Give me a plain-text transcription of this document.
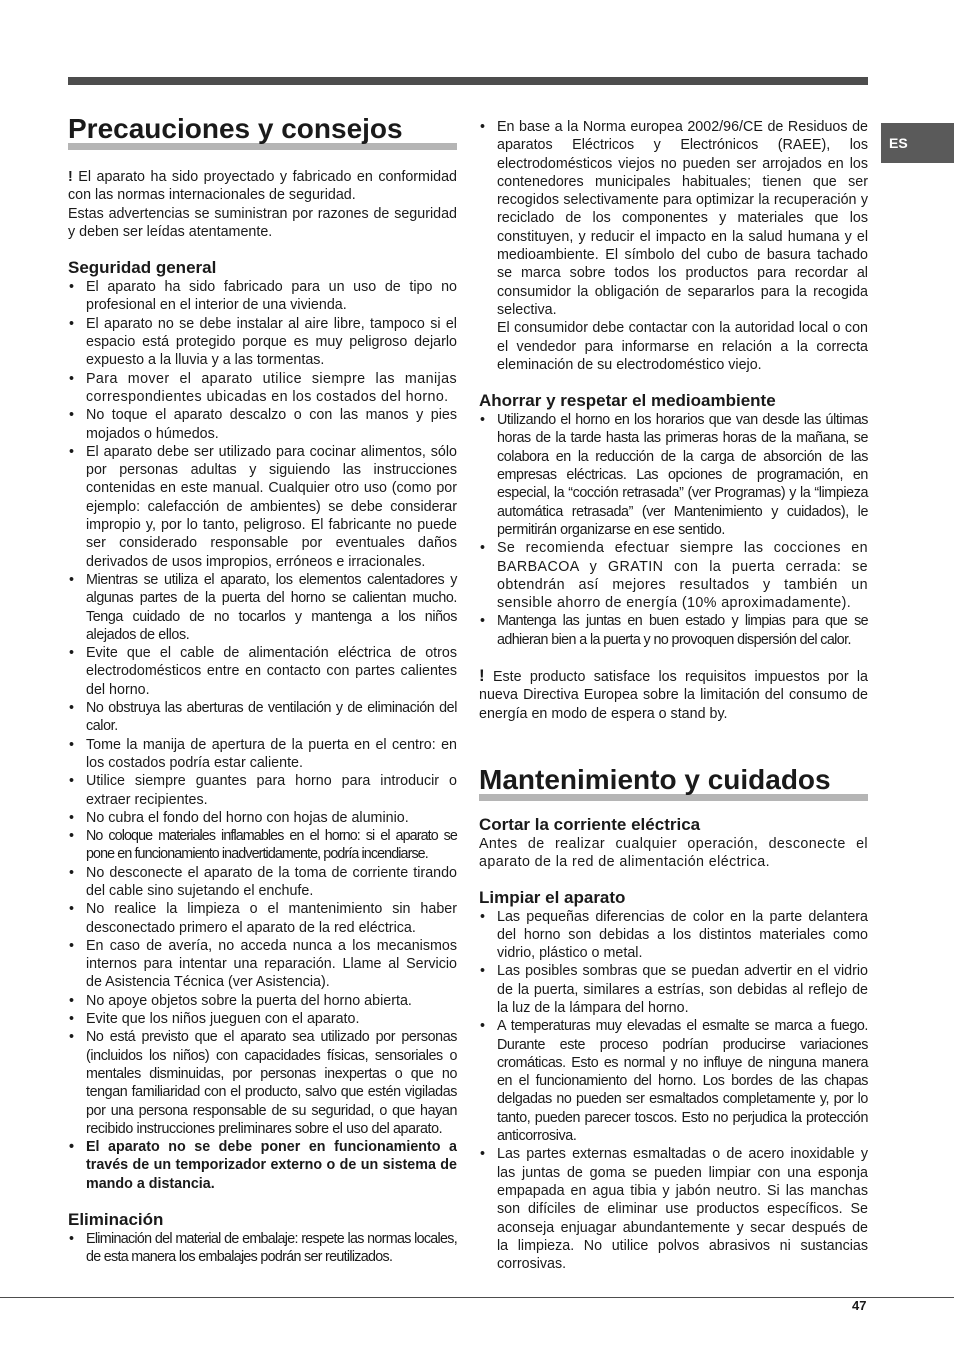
ES
Precauciones y consejos

! El aparato ha sido proyectado y fabricado en conformidad con las normas internacionales de seguridad.

Estas advertencias se suministran por razones de seguridad y deben ser leídas atentamente.

Seguridad general
• El aparato ha sido fabricado para un uso de tipo no profesional en el interior de una vivienda.
• El aparato no se debe instalar al aire libre, tampoco si el espacio está protegido porque es muy peligroso dejarlo expuesto a la lluvia y a las tormentas.
• Para mover el aparato utilice siempre las manijas correspondientes ubicadas en los costados del horno.
• No toque el aparato descalzo o con las manos y pies mojados o húmedos.
• El aparato debe ser utilizado para cocinar alimentos, sólo por personas adultas y siguiendo las instrucciones contenidas en este manual. Cualquier otro uso (como por ejemplo: calefacción de ambientes) se debe considerar impropio y, por lo tanto, peligroso. El fabricante no puede ser considerado responsable por eventuales daños derivados de usos impropios, erróneos e irracionales.
• Mientras se utiliza el aparato, los elementos calentadores y algunas partes de la puerta del horno se calientan mucho. Tenga cuidado de no tocarlos y mantenga a los niños alejados de ellos.
• Evite que el cable de alimentación eléctrica de otros electrodomésticos entre en contacto con partes calientes del horno.
• No obstruya las aberturas de ventilación y de eliminación del calor.
• Tome la manija de apertura de la puerta en el centro: en los costados podría estar caliente.
• Utilice siempre guantes para horno para introducir o extraer recipientes.
• No cubra el fondo del horno con hojas de aluminio.
• No coloque materiales inflamables en el horno: si el aparato se pone en funcionamiento inadvertidamente, podría incendiarse.
• No desconecte el aparato de la toma de corriente tirando del cable sino sujetando el enchufe.
• No realice la limpieza o el mantenimiento sin haber desconectado primero el aparato de la red eléctrica.
• En caso de avería, no acceda nunca a los mecanismos internos para intentar una reparación. Llame al Servicio de Asistencia Técnica (ver Asistencia).
• No apoye objetos sobre la puerta del horno abierta.
• Evite que los niños jueguen con el aparato.
• No está previsto que el aparato sea utilizado por personas (incluidos los niños) con capacidades físicas, sensoriales o mentales disminuidas, por personas inexpertas o que no tengan familiaridad con el producto, salvo que estén vigiladas por una persona responsable de su seguridad, o que hayan recibido instrucciones preliminares sobre el uso del aparato.
• El aparato no se debe poner en funcionamiento a través de un temporizador externo o de un sistema de mando a distancia.
Eliminación
• Eliminación del material de embalaje: respete las normas locales, de esta manera los embalajes podrán ser reutilizados.
• En base a la Norma europea 2002/96/CE de Residuos de aparatos Eléctricos y Electrónicos (RAEE), los electrodomésticos viejos no pueden ser arrojados en los contenedores municipales habituales; tienen que ser recogidos selectivamente para optimizar la recuperación y reciclado de los componentes y materiales que los constituyen, y reducir el impacto en la salud humana y el medioambiente. El símbolo del cubo de basura tachado se marca sobre todos los productos para recordar al consumidor la obligación de separarlos para la recogida selectiva.
El consumidor debe contactar con la autoridad local o con el vendedor para informarse en relación a la correcta eleminación de su electrodoméstico viejo.
Ahorrar y respetar el medioambiente
• Utilizando el horno en los horarios que van desde las últimas horas de la tarde hasta las primeras horas de la mañana, se colabora en la reducción de la carga de absorción de las empresas eléctricas. Las opciones de programación, en especial, la “cocción retrasada” (ver Programas) y la “limpieza automática retrasada” (ver Mantenimiento y cuidados), le permitirán organizarse en ese sentido.
• Se recomienda efectuar siempre las cocciones en BARBACOA y GRATIN con la puerta cerrada: se obtendrán así mejores resultados y también un sensible ahorro de energía (10% aproximadamente).
• Mantenga las juntas en buen estado y limpias para que se adhieran bien a la puerta y no provoquen dispersión del calor.

! Este producto satisface los requisitos impuestos por la nueva Directiva Europea sobre la limitación del consumo de energía en modo de espera o stand by.

Mantenimiento y cuidados
Cortar la corriente eléctrica

Antes de realizar cualquier operación, desconecte el aparato de la red de alimentación eléctrica.

Limpiar el aparato
• Las pequeñas diferencias de color en la parte delantera del horno son debidas a los distintos materiales como vidrio, plástico o metal.
• Las posibles sombras que se puedan advertir en el vidrio de la puerta, similares a estrías, son debidas al reflejo de la luz de la lámpara del horno.
• A temperaturas muy elevadas el esmalte se marca a fuego. Durante este proceso podrían producirse variaciones cromáticas. Esto es normal y no influye de ninguna manera en el funcionamiento del horno. Los bordes de las chapas delgadas no pueden ser esmaltados completamente y, por lo tanto, pueden parecer toscos. Esto no perjudica la protección anticorrosiva.
• Las partes externas esmaltadas o de acero inoxidable y las juntas de goma se pueden limpiar con una esponja empapada en agua tibia y jabón neutro. Si las manchas son difíciles de eliminar use productos específicos. Se aconseja enjuagar abundantemente y secar después de la limpieza. No utilice polvos abrasivos ni sustancias corrosivas.
47
